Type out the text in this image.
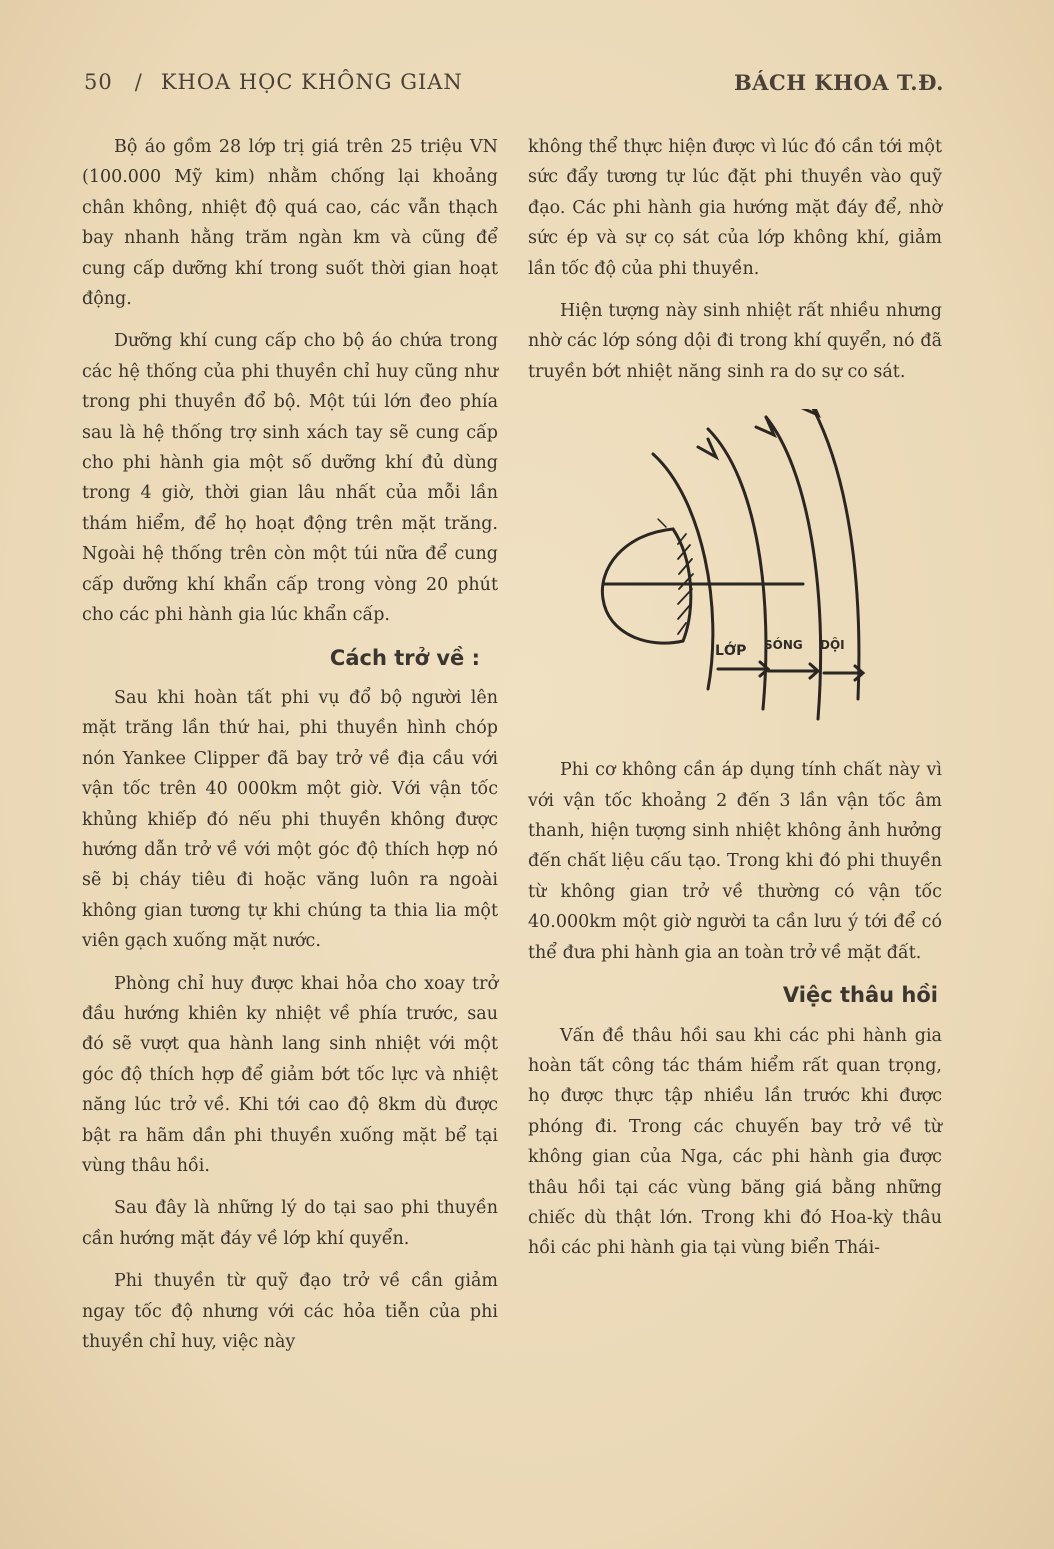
50 / KHOA HỌC KHÔNG GIAN	BÁCH KHOA T.Đ.

Bộ áo gồm 28 lớp trị giá trên 25 triệu VN (100.000 Mỹ kim) nhằm chống lại khoảng chân không, nhiệt độ quá cao, các vẫn thạch bay nhanh hằng trăm ngàn km và cũng để cung cấp dưỡng khí trong suốt thời gian hoạt động.

Dưỡng khí cung cấp cho bộ áo chứa trong các hệ thống của phi thuyền chỉ huy cũng như trong phi thuyền đổ bộ. Một túi lớn đeo phía sau là hệ thống trợ sinh xách tay sẽ cung cấp cho phi hành gia một số dưỡng khí đủ dùng trong 4 giờ, thời gian lâu nhất của mỗi lần thám hiểm, để họ hoạt động trên mặt trăng. Ngoài hệ thống trên còn một túi nữa để cung cấp dưỡng khí khẩn cấp trong vòng 20 phút cho các phi hành gia lúc khẩn cấp.

Cách trở về :

Sau khi hoàn tất phi vụ đổ bộ người lên mặt trăng lần thứ hai, phi thuyền hình chóp nón Yankee Clipper đã bay trở về địa cầu với vận tốc trên 40 000km một giờ. Với vận tốc khủng khiếp đó nếu phi thuyền không được hướng dẫn trở về với một góc độ thích hợp nó sẽ bị cháy tiêu đi hoặc văng luôn ra ngoài không gian tương tự khi chúng ta thia lia một viên gạch xuống mặt nước.

Phòng chỉ huy được khai hỏa cho xoay trở đầu hướng khiên ky nhiệt về phía trước, sau đó sẽ vượt qua hành lang sinh nhiệt với một góc độ thích hợp để giảm bớt tốc lực và nhiệt năng lúc trở về. Khi tới cao độ 8km dù được bật ra hãm dần phi thuyền xuống mặt bể tại vùng thâu hồi.

Sau đây là những lý do tại sao phi thuyền cần hướng mặt đáy về lớp khí quyển.

Phi thuyền từ quỹ đạo trở về cần giảm ngay tốc độ nhưng với các hỏa tiễn của phi thuyền chỉ huy, việc này

không thể thực hiện được vì lúc đó cần tới một sức đẩy tương tự lúc đặt phi thuyền vào quỹ đạo. Các phi hành gia hướng mặt đáy để, nhờ sức ép và sự cọ sát của lớp không khí, giảm lần tốc độ của phi thuyền.

Hiện tượng này sinh nhiệt rất nhiều nhưng nhờ các lớp sóng dội đi trong khí quyển, nó đã truyền bớt nhiệt năng sinh ra do sự co sát.

LỚP SÓNG DỘI

Phi cơ không cần áp dụng tính chất này vì với vận tốc khoảng 2 đến 3 lần vận tốc âm thanh, hiện tượng sinh nhiệt không ảnh hưởng đến chất liệu cấu tạo. Trong khi đó phi thuyền từ không gian trở về thường có vận tốc 40.000km một giờ người ta cần lưu ý tới để có thể đưa phi hành gia an toàn trở về mặt đất.

Việc thâu hồi

Vấn đề thâu hồi sau khi các phi hành gia hoàn tất công tác thám hiểm rất quan trọng, họ được thực tập nhiều lần trước khi được phóng đi. Trong các chuyến bay trở về từ không gian của Nga, các phi hành gia được thâu hồi tại các vùng băng giá bằng những chiếc dù thật lớn. Trong khi đó Hoa-kỳ thâu hồi các phi hành gia tại vùng biển Thái-
